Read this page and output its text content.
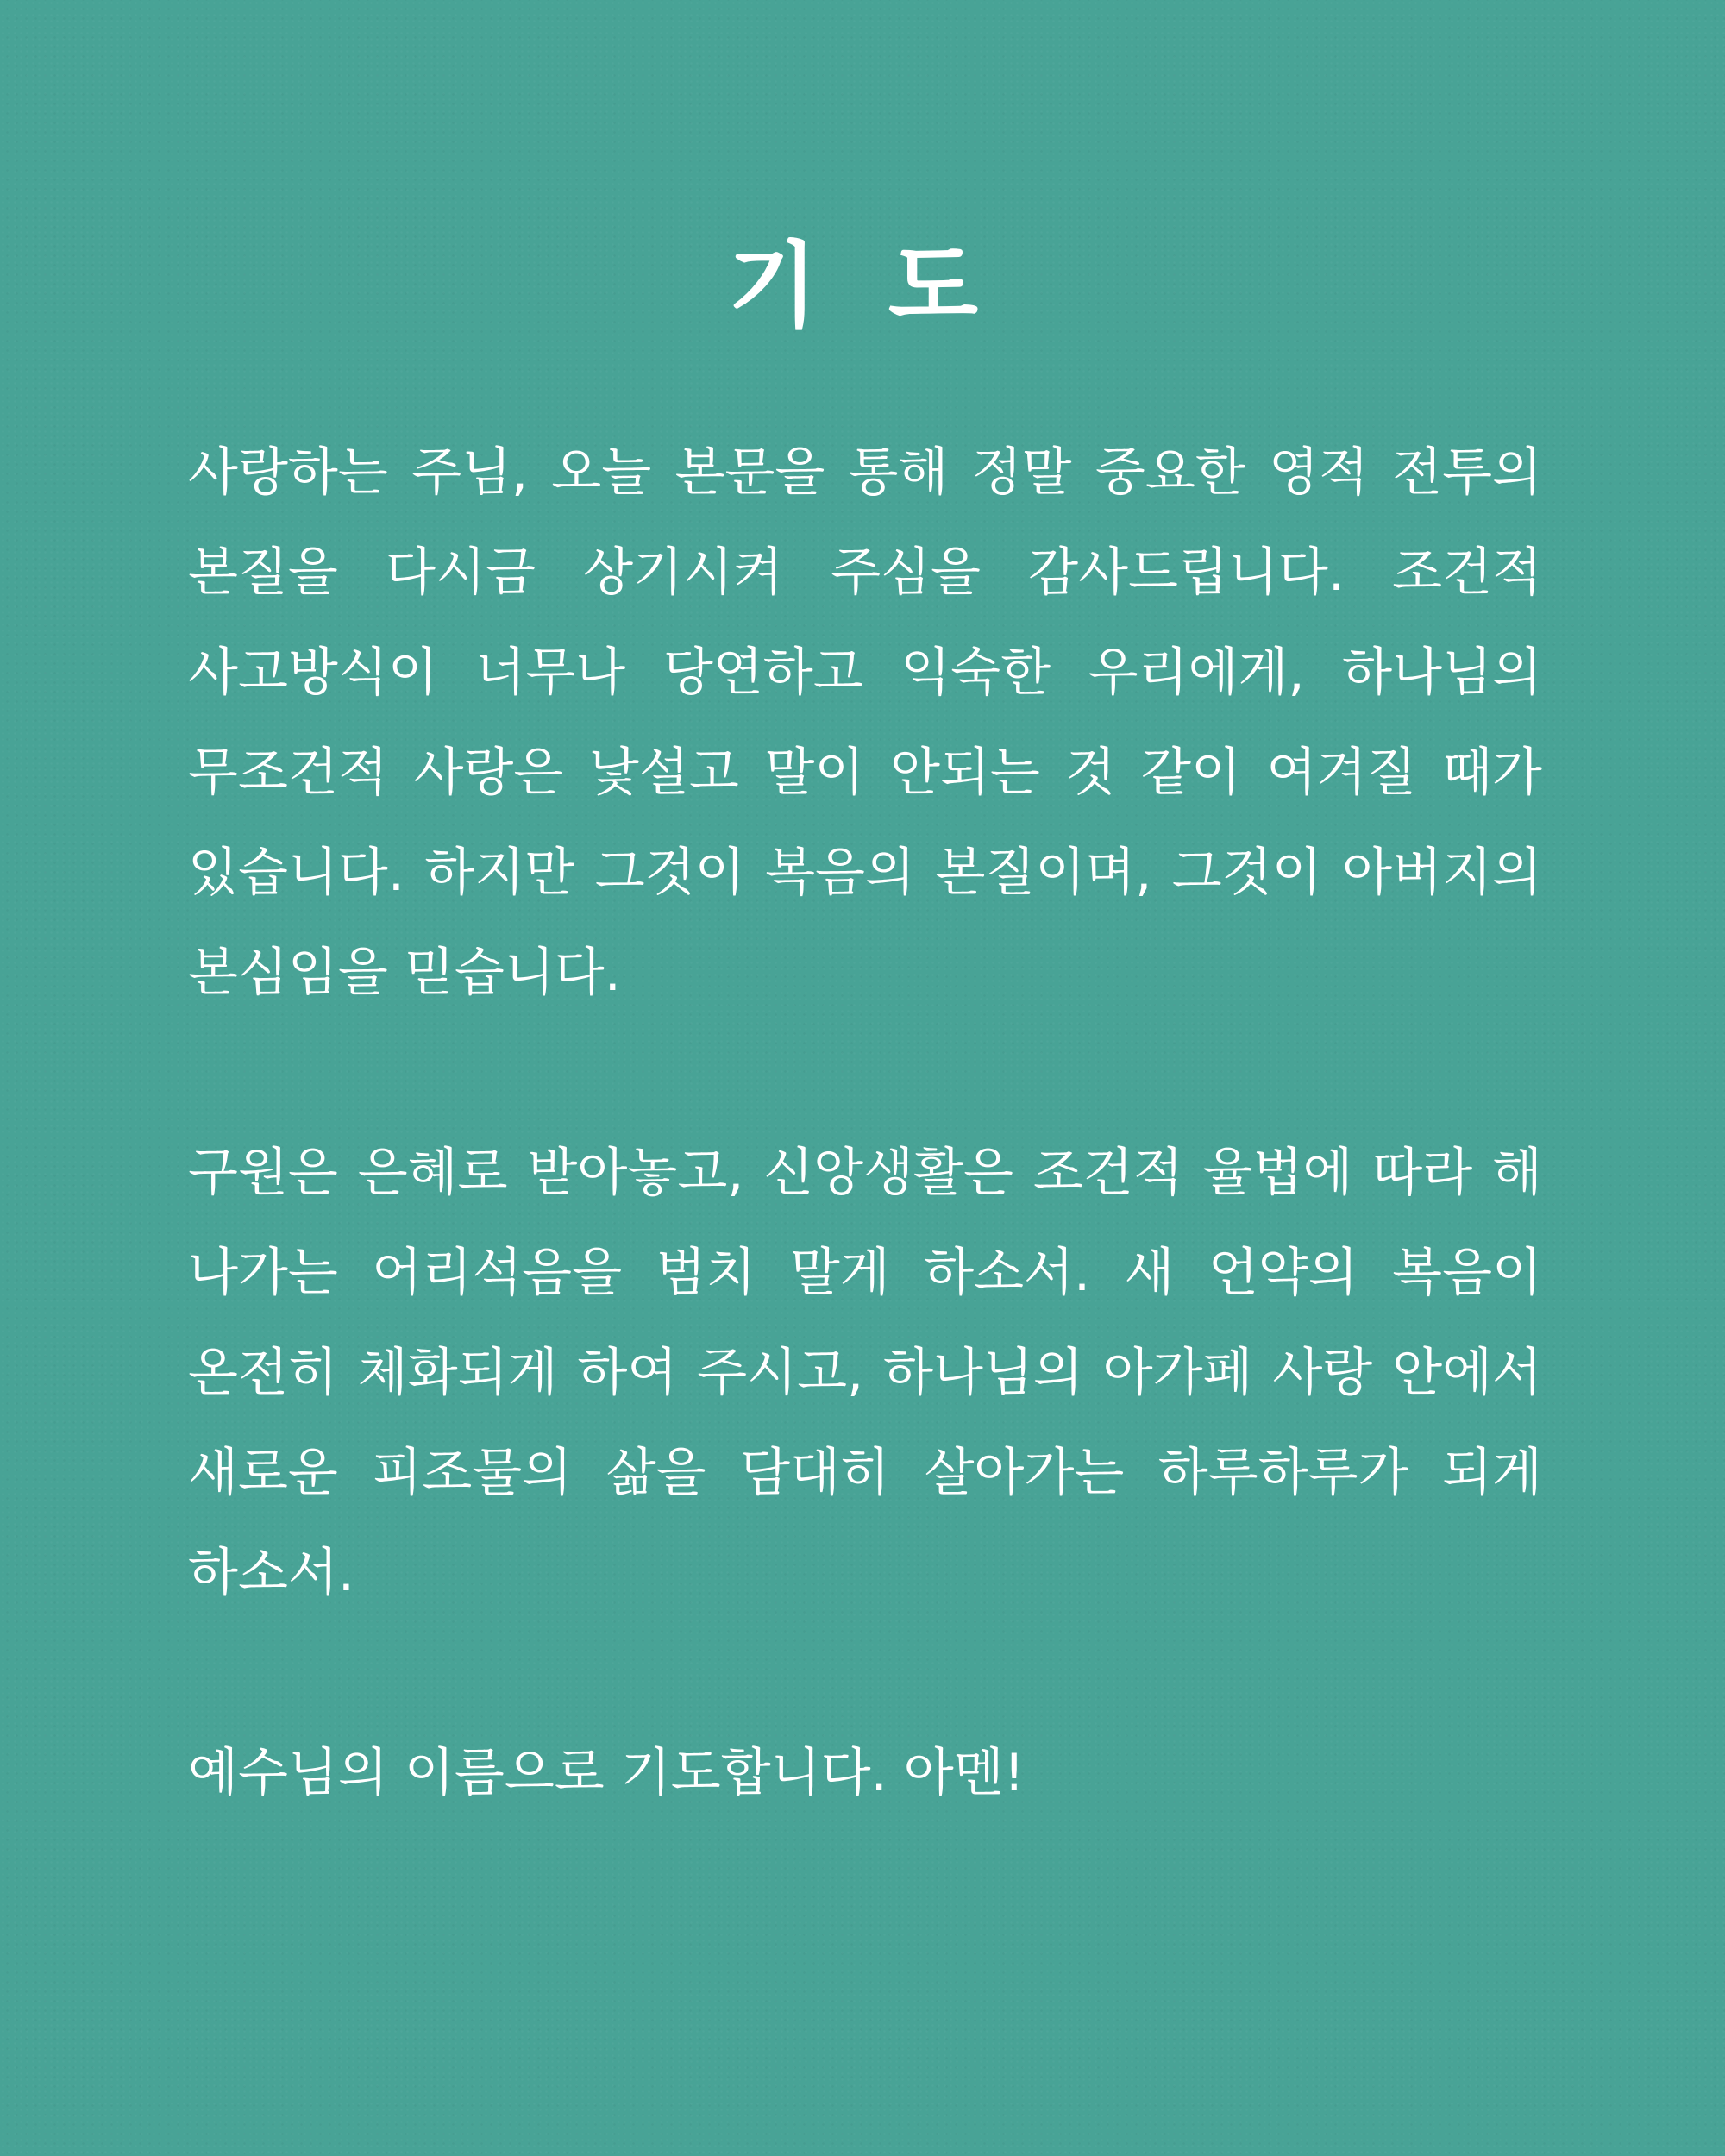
기 도

사랑하는 주님, 오늘 본문을 통해 정말 중요한 영적 전투의 본질을 다시금 상기시켜 주심을 감사드립니다. 조건적 사고방식이 너무나 당연하고 익숙한 우리에게, 하나님의 무조건적 사랑은 낯설고 말이 안되는 것 같이 여겨질 때가 있습니다. 하지만 그것이 복음의 본질이며, 그것이 아버지의 본심임을 믿습니다.

구원은 은혜로 받아놓고, 신앙생활은 조건적 율법에 따라 해 나가는 어리석음을 범치 말게 하소서. 새 언약의 복음이 온전히 체화되게 하여 주시고, 하나님의 아가페 사랑 안에서 새로운 피조물의 삶을 담대히 살아가는 하루하루가 되게 하소서.

예수님의 이름으로 기도합니다. 아멘!
